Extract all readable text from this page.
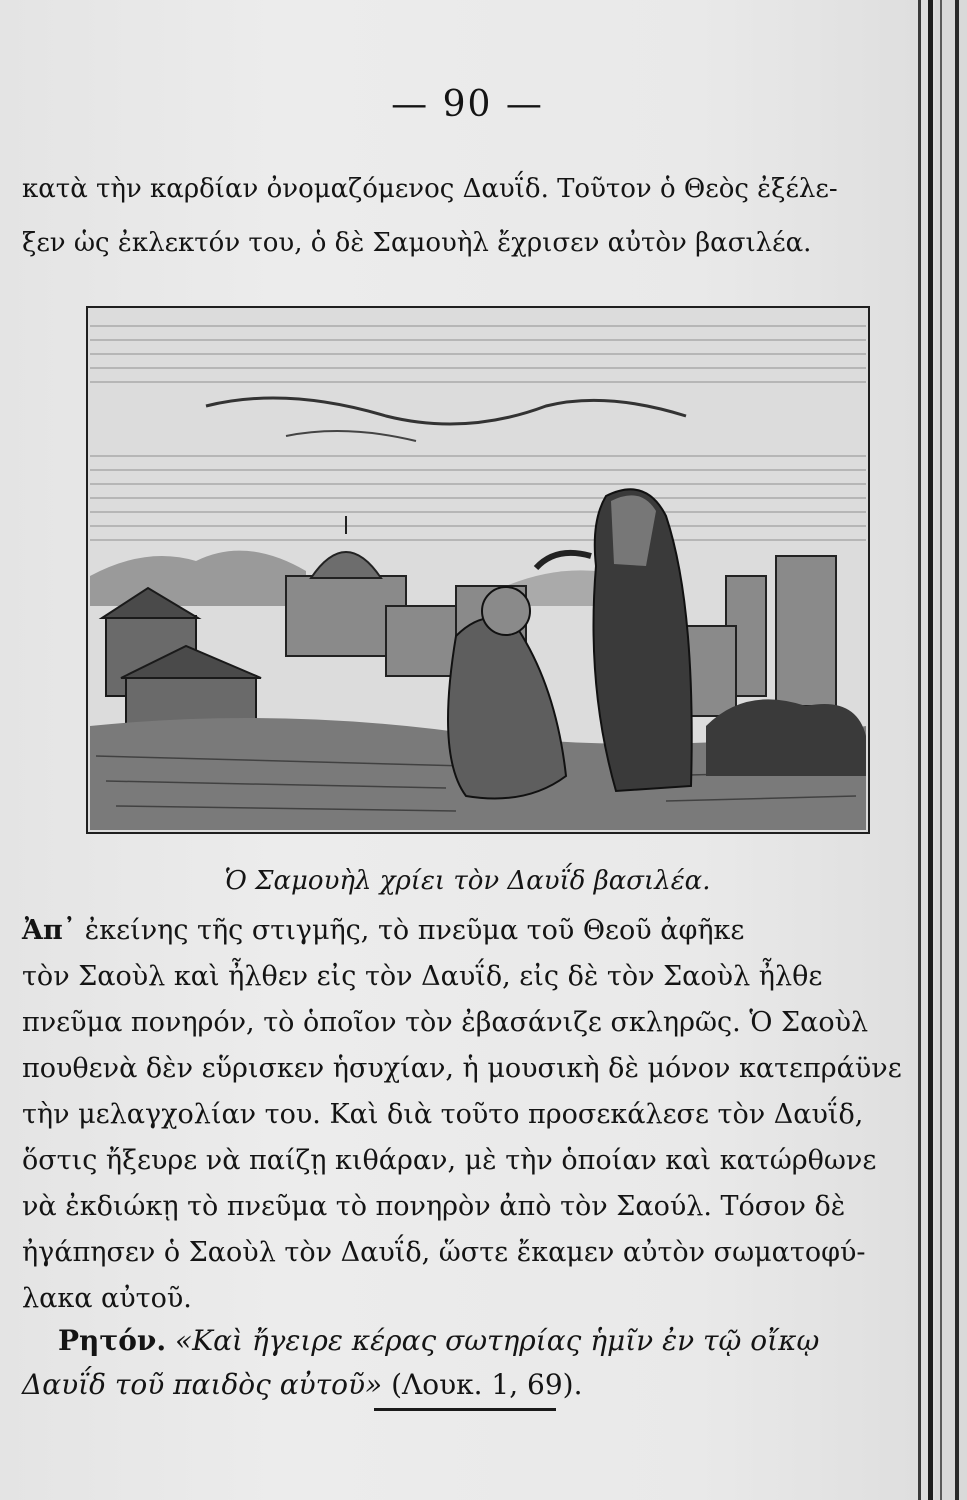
— 90 —
κατὰ τὴν καρδίαν ὀνομαζόμενος Δαυΐδ. Τοῦτον ὁ Θεὸς ἐξέλε-
ξεν ὡς ἐκλεκτόν του, ὁ δὲ Σαμουὴλ ἔχρισεν αὐτὸν βασιλέα.
Ὁ Σαμουὴλ χρίει τὸν Δαυΐδ βασιλέα.
Ἀπ᾽ ἐκείνης τῆς στιγμῆς, τὸ πνεῦμα τοῦ Θεοῦ ἀφῆκε
τὸν Σαοὺλ καὶ ἦλθεν εἰς τὸν Δαυΐδ, εἰς δὲ τὸν Σαοὺλ ἦλθε
πνεῦμα πονηρόν, τὸ ὁποῖον τὸν ἐβασάνιζε σκληρῶς. Ὁ Σαοὺλ
πουθενὰ δὲν εὕρισκεν ἡσυχίαν, ἡ μουσικὴ δὲ μόνον κατεπράϋνε
τὴν μελαγχολίαν του. Καὶ διὰ τοῦτο προσεκάλεσε τὸν Δαυΐδ,
ὅστις ἤξευρε νὰ παίζῃ κιθάραν, μὲ τὴν ὁποίαν καὶ κατώρθωνε
νὰ ἐκδιώκῃ τὸ πνεῦμα τὸ πονηρὸν ἀπὸ τὸν Σαούλ. Τόσον δὲ
ἠγάπησεν ὁ Σαοὺλ τὸν Δαυΐδ, ὥστε ἔκαμεν αὐτὸν σωματοφύ-
λακα αὐτοῦ.
Ρητόν. «Καὶ ἤγειρε κέρας σωτηρίας ἡμῖν ἐν τῷ οἴκῳ
Δαυΐδ τοῦ παιδὸς αὐτοῦ» (Λουκ. 1, 69).
